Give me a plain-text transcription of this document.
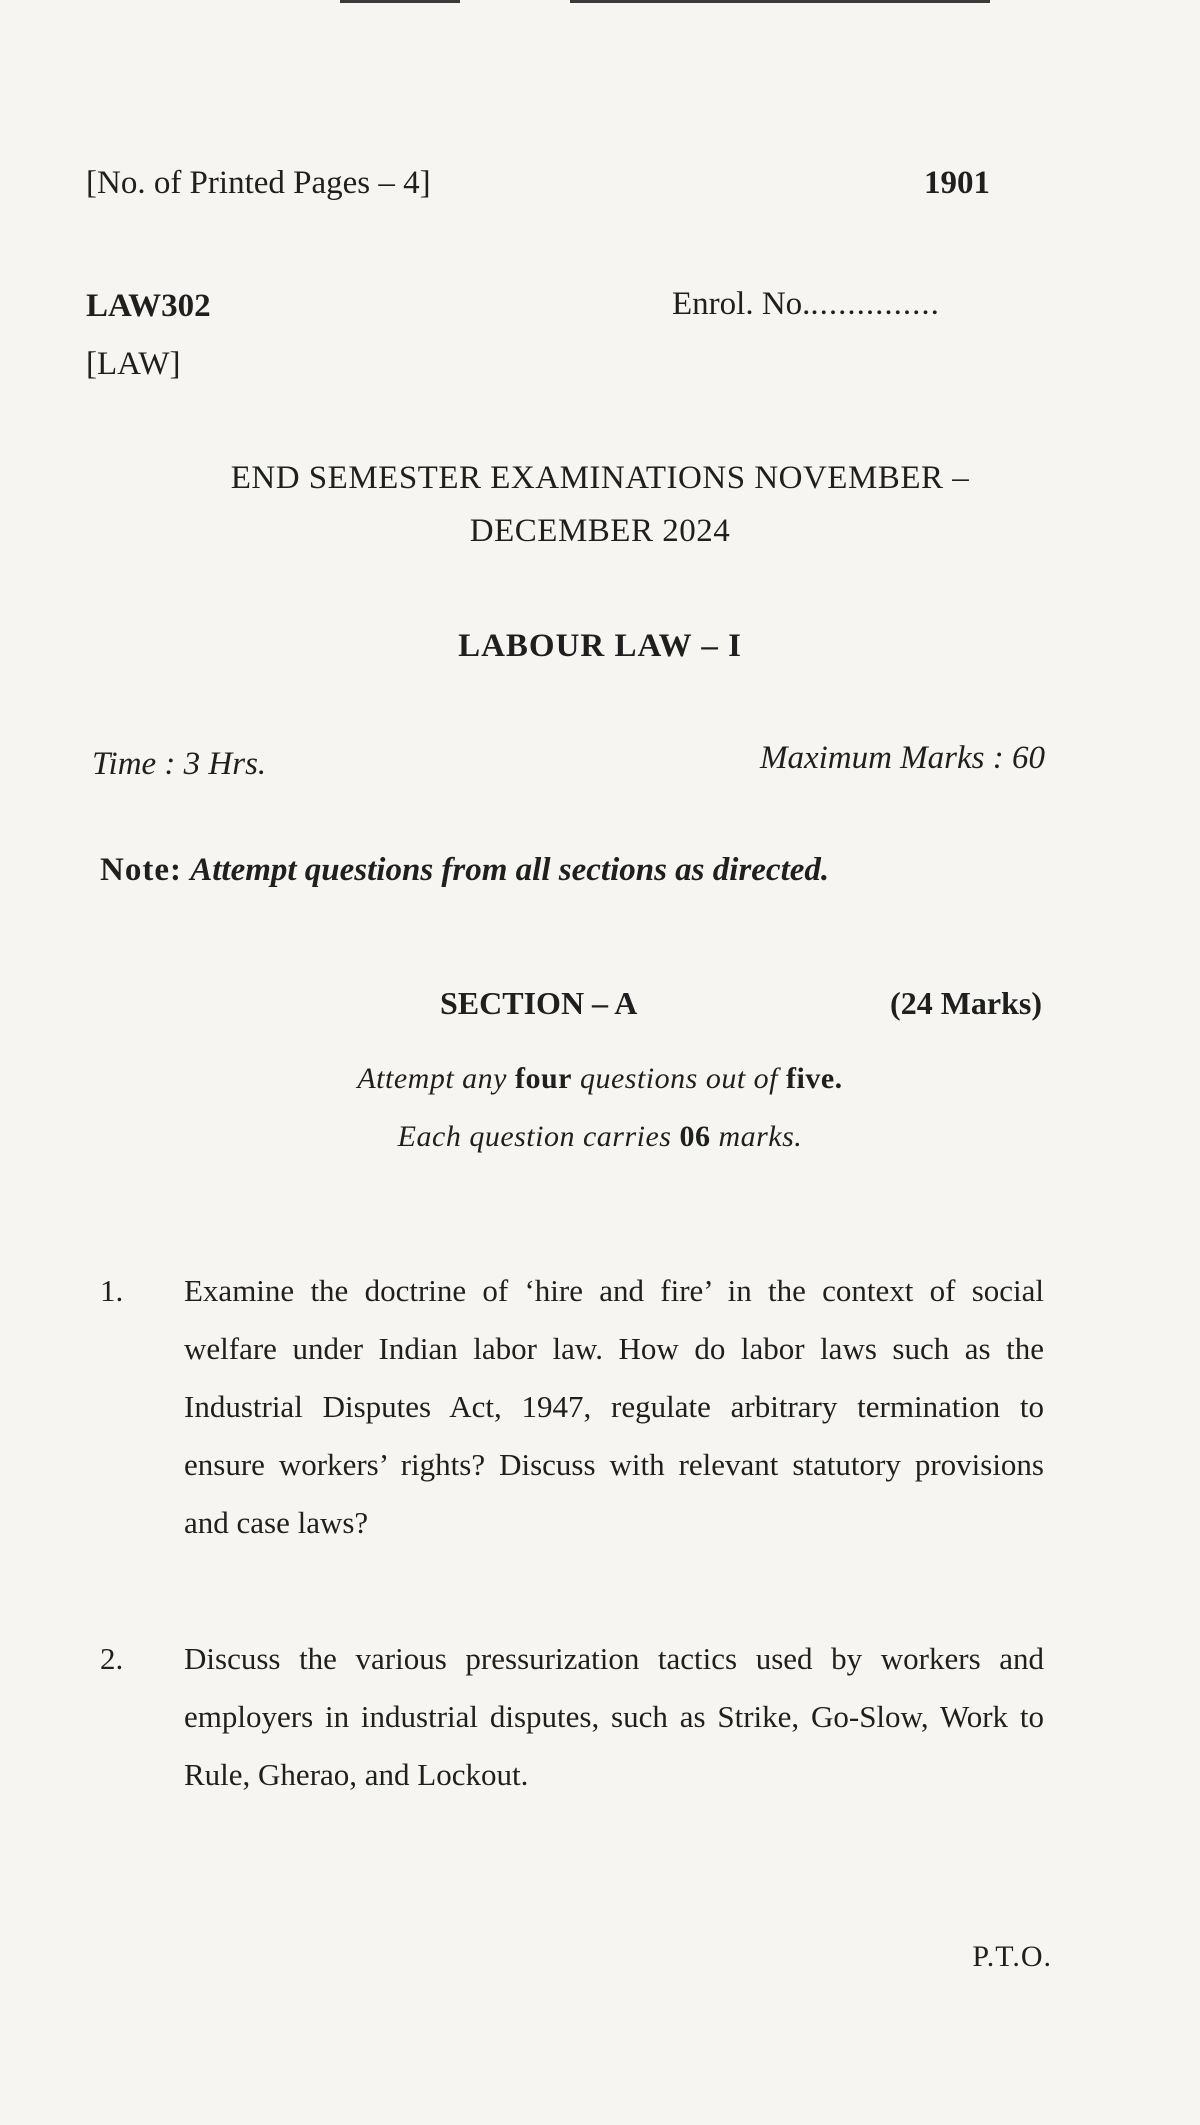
[No. of Printed Pages – 4]	1901
LAW302	Enrol. No...............
[LAW]
END SEMESTER EXAMINATIONS NOVEMBER –
DECEMBER 2024
LABOUR LAW – I
Time : 3 Hrs.	Maximum Marks : 60
Note: Attempt questions from all sections as directed.
SECTION – A	(24 Marks)
Attempt any four questions out of five.
Each question carries 06 marks.
1. Examine the doctrine of ‘hire and fire’ in the context of social welfare under Indian labor law. How do labor laws such as the Industrial Disputes Act, 1947, regulate arbitrary termination to ensure workers’ rights? Discuss with relevant statutory provisions and case laws?
2. Discuss the various pressurization tactics used by workers and employers in industrial disputes, such as Strike, Go-Slow, Work to Rule, Gherao, and Lockout.
P.T.O.
